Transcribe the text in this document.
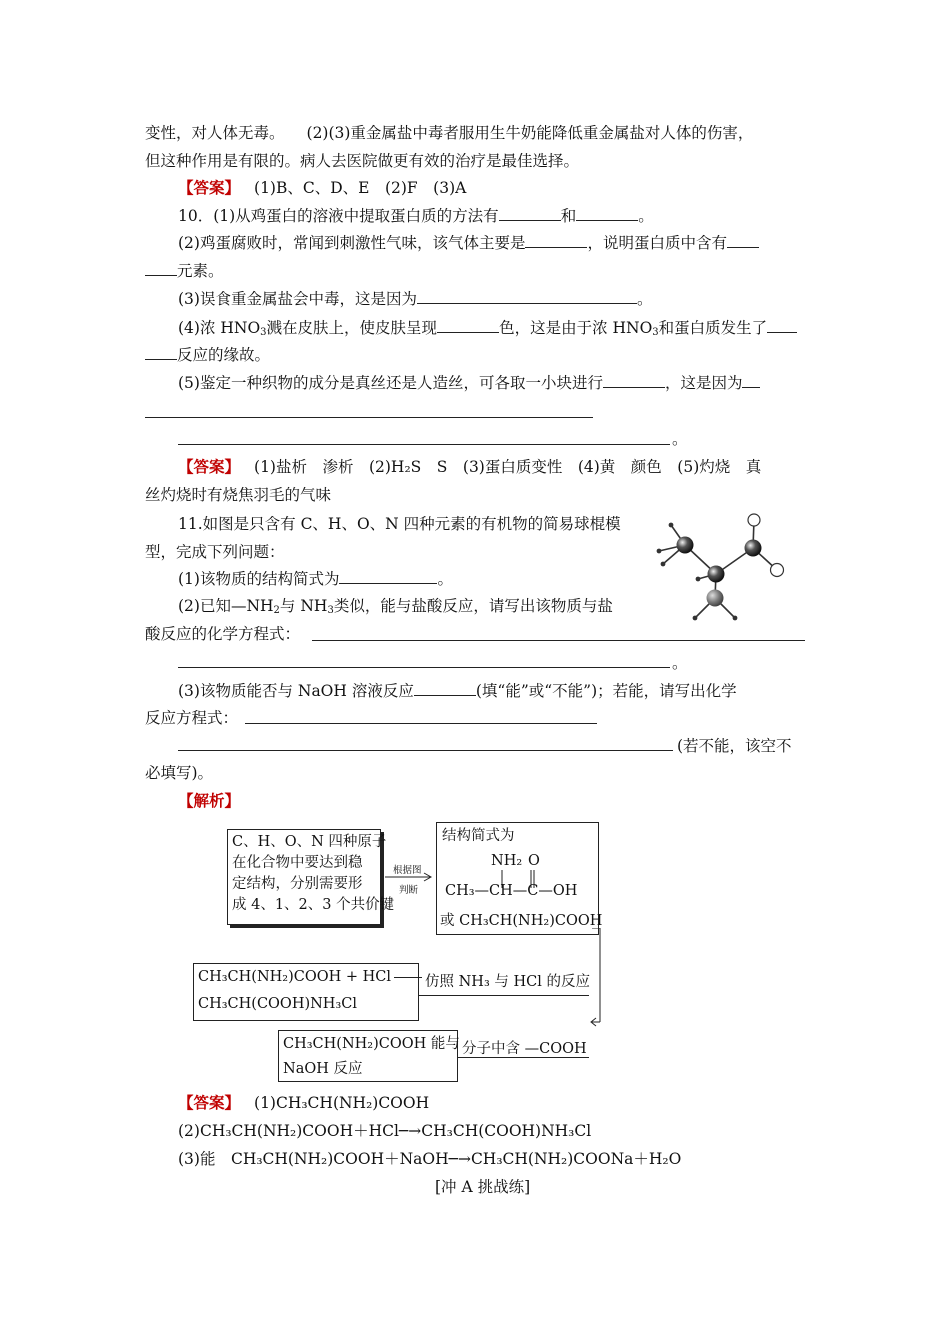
变性，对人体无毒。 (2)(3)重金属盐中毒者服用生牛奶能降低重金属盐对人体的伤害，
但这种作用是有限的。病人去医院做更有效的治疗是最佳选择。
【答案】 (1)B、C、D、E　(2)F　(3)A
10．(1)从鸡蛋白的溶液中提取蛋白质的方法有	和	。
(2)鸡蛋腐败时，常闻到刺激性气味，该气体主要是	，说明蛋白质中含有
元素。
(3)误食重金属盐会中毒，这是因为	。
(4)浓 $HNO_3$溅在皮肤上，使皮肤呈现	色，这是由于浓 $HNO_3$和蛋白质发生了
反应的缘故。
(5)鉴定一种织物的成分是真丝还是人造丝，可各取一小块进行	，这是因为
。
【答案】 (1)盐析　渗析　(2)H₂S　S　(3)蛋白质变性　(4)黄　颜色　(5)灼烧　真
丝灼烧时有烧焦羽毛的气味
11.如图是只含有 C、H、O、N 四种元素的有机物的简易球棍模
型，完成下列问题：
(1)该物质的结构简式为	。
(2)已知$—NH_2$与 $NH_3$类似，能与盐酸反应，请写出该物质与盐
酸反应的化学方程式：
。
(3)该物质能否与 NaOH 溶液反应	(填“能”或“不能”)；若能，请写出化学
反应方程式：
(若不能，该空不
必填写)。
【解析】
C、H、O、N 四种原子
在化合物中要达到稳
定结构，分别需要形
成 4、1、2、3 个共价键
根据图
判断
结构简式为
NH₂ O
CH₃—CH—C—OH
或 CH₃CH(NH₂)COOH
CH₃CH(NH₂)COOH + HCl
CH₃CH(COOH)NH₃Cl
仿照 NH₃ 与 HCl 的反应
CH₃CH(NH₂)COOH 能与
NaOH 反应
分子中含 —COOH
【答案】 (1)CH₃CH(NH₂)COOH
(2)CH₃CH(NH₂)COOH＋HCl─→CH₃CH(COOH)NH₃Cl
(3)能　CH₃CH(NH₂)COOH＋NaOH─→CH₃CH(NH₂)COONa＋H₂O
[冲 A 挑战练]
